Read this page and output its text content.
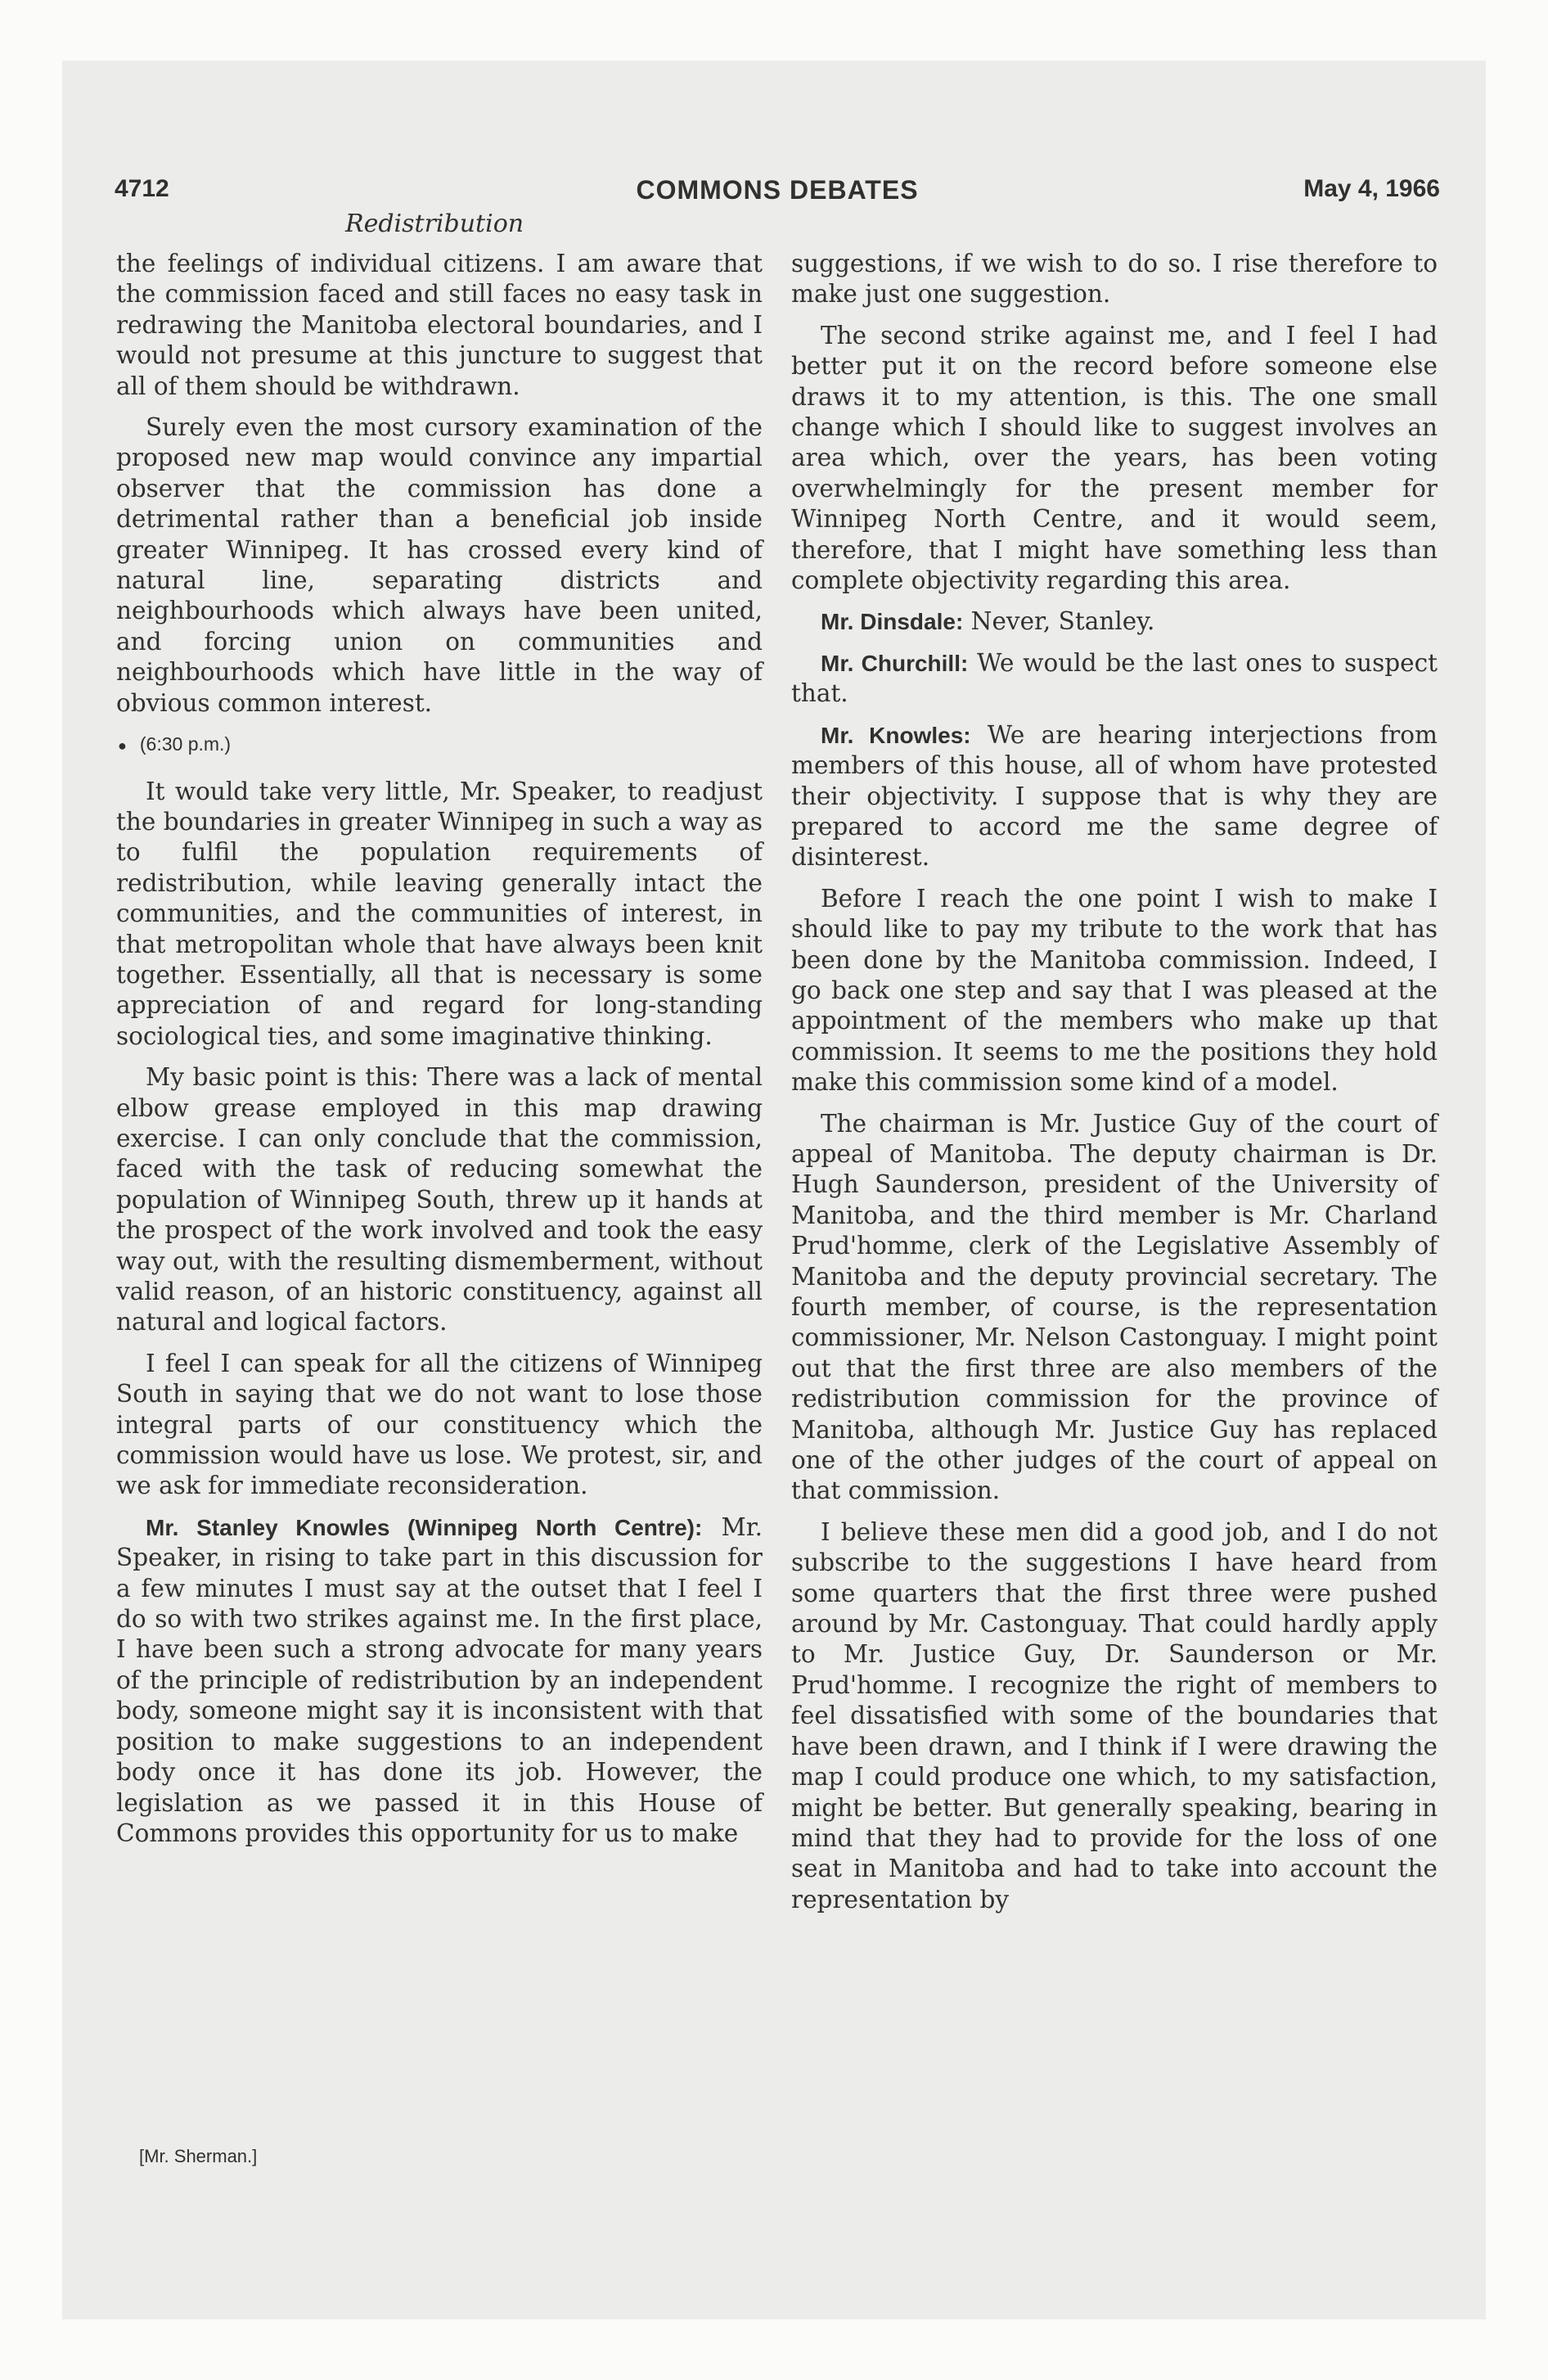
4712	COMMONS DEBATES	May 4, 1966
Redistribution

the feelings of individual citizens. I am aware that the commission faced and still faces no easy task in redrawing the Manitoba electoral boundaries, and I would not presume at this juncture to suggest that all of them should be withdrawn.

Surely even the most cursory examination of the proposed new map would convince any impartial observer that the commission has done a detrimental rather than a beneficial job inside greater Winnipeg. It has crossed every kind of natural line, separating districts and neighbourhoods which always have been united, and forcing union on communities and neighbourhoods which have little in the way of obvious common interest.

● (6:30 p.m.)

It would take very little, Mr. Speaker, to readjust the boundaries in greater Winnipeg in such a way as to fulfil the population requirements of redistribution, while leaving generally intact the communities, and the communities of interest, in that metropolitan whole that have always been knit together. Essentially, all that is necessary is some appreciation of and regard for long-standing sociological ties, and some imaginative thinking.

My basic point is this: There was a lack of mental elbow grease employed in this map drawing exercise. I can only conclude that the commission, faced with the task of reducing somewhat the population of Winnipeg South, threw up it hands at the prospect of the work involved and took the easy way out, with the resulting dismemberment, without valid reason, of an historic constituency, against all natural and logical factors.

I feel I can speak for all the citizens of Winnipeg South in saying that we do not want to lose those integral parts of our constituency which the commission would have us lose. We protest, sir, and we ask for immediate reconsideration.

Mr. Stanley Knowles (Winnipeg North Centre): Mr. Speaker, in rising to take part in this discussion for a few minutes I must say at the outset that I feel I do so with two strikes against me. In the first place, I have been such a strong advocate for many years of the principle of redistribution by an independent body, someone might say it is inconsistent with that position to make suggestions to an independent body once it has done its job. However, the legislation as we passed it in this House of Commons provides this opportunity for us to make

[Mr. Sherman.]

suggestions, if we wish to do so. I rise therefore to make just one suggestion.

The second strike against me, and I feel I had better put it on the record before someone else draws it to my attention, is this. The one small change which I should like to suggest involves an area which, over the years, has been voting overwhelmingly for the present member for Winnipeg North Centre, and it would seem, therefore, that I might have something less than complete objectivity regarding this area.

Mr. Dinsdale: Never, Stanley.

Mr. Churchill: We would be the last ones to suspect that.

Mr. Knowles: We are hearing interjections from members of this house, all of whom have protested their objectivity. I suppose that is why they are prepared to accord me the same degree of disinterest.

Before I reach the one point I wish to make I should like to pay my tribute to the work that has been done by the Manitoba commission. Indeed, I go back one step and say that I was pleased at the appointment of the members who make up that commission. It seems to me the positions they hold make this commission some kind of a model.

The chairman is Mr. Justice Guy of the court of appeal of Manitoba. The deputy chairman is Dr. Hugh Saunderson, president of the University of Manitoba, and the third member is Mr. Charland Prud'homme, clerk of the Legislative Assembly of Manitoba and the deputy provincial secretary. The fourth member, of course, is the representation commissioner, Mr. Nelson Castonguay. I might point out that the first three are also members of the redistribution commission for the province of Manitoba, although Mr. Justice Guy has replaced one of the other judges of the court of appeal on that commission.

I believe these men did a good job, and I do not subscribe to the suggestions I have heard from some quarters that the first three were pushed around by Mr. Castonguay. That could hardly apply to Mr. Justice Guy, Dr. Saunderson or Mr. Prud'homme. I recognize the right of members to feel dissatisfied with some of the boundaries that have been drawn, and I think if I were drawing the map I could produce one which, to my satisfaction, might be better. But generally speaking, bearing in mind that they had to provide for the loss of one seat in Manitoba and had to take into account the representation by
